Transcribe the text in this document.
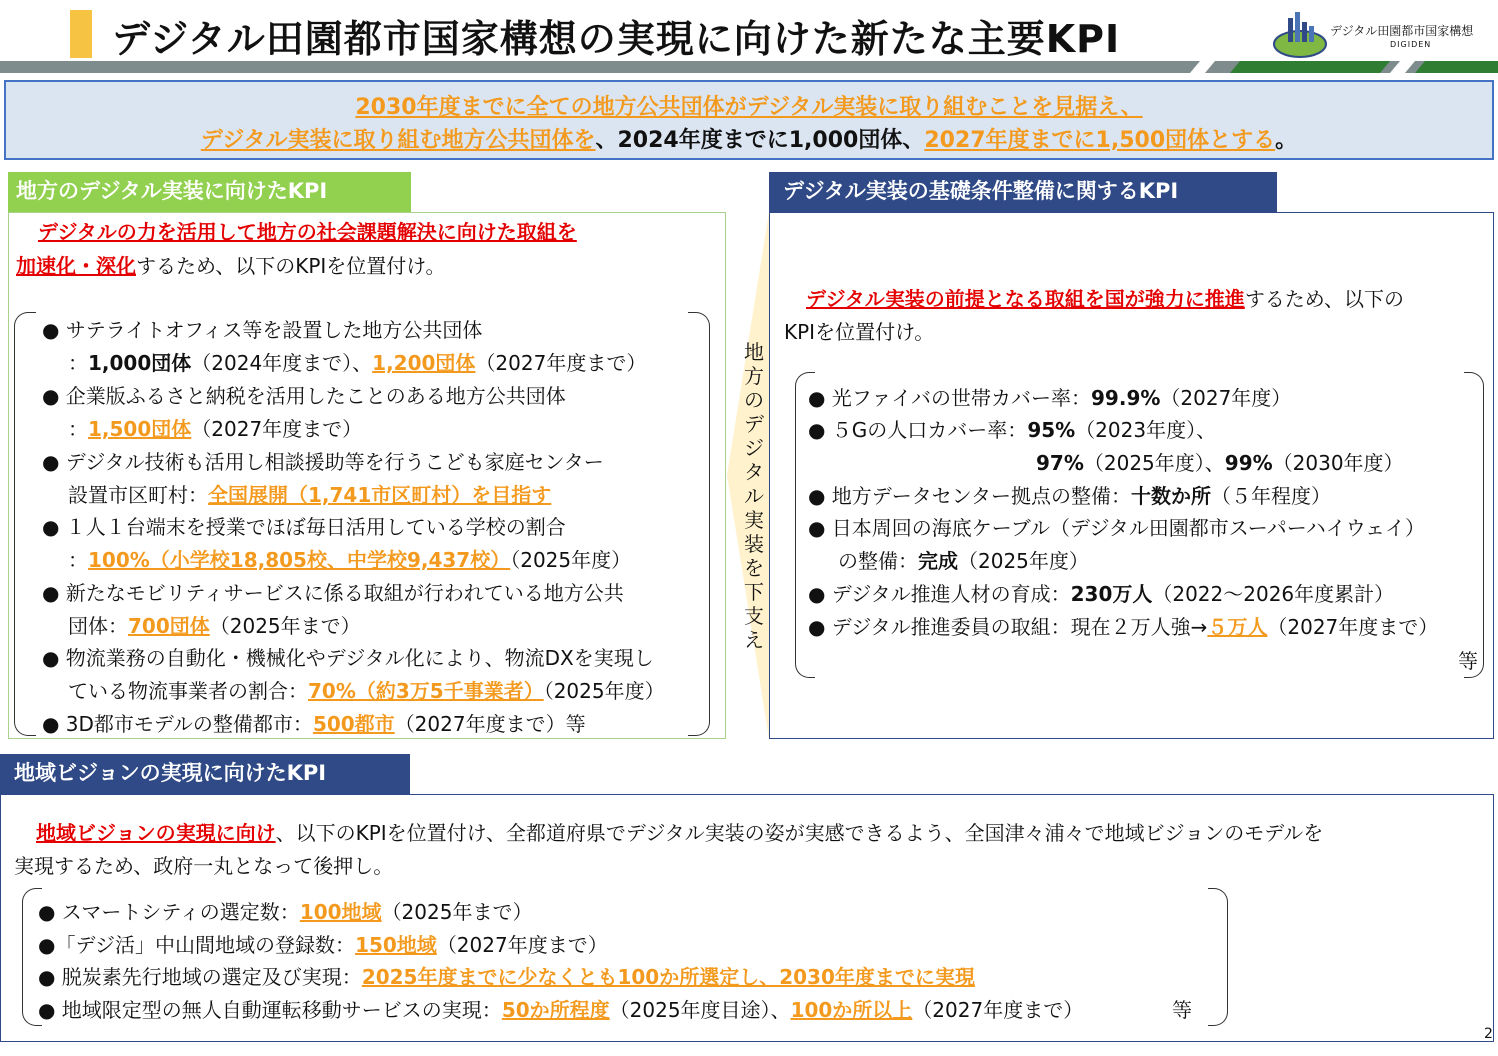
デジタル田園都市国家構想の実現に向けた新たな主要KPI	デジタル田園都市国家構想
DIGIDEN
2030年度までに全ての地方公共団体がデジタル実装に取り組むことを見据え、
デジタル実装に取り組む地方公共団体を、2024年度までに1,000団体、2027年度までに1,500団体とする。
地方のデジタル実装に向けたKPI
デジタルの力を活用して地方の社会課題解決に向けた取組を
加速化・深化するため、以下のKPIを位置付け。
● サテライトオフィス等を設置した地方公共団体
：1,000団体（2024年度まで）、1,200団体（2027年度まで）
● 企業版ふるさと納税を活用したことのある地方公共団体
：1,500団体（2027年度まで）
● デジタル技術も活用し相談援助等を行うこども家庭センター
設置市区町村：全国展開（1,741市区町村）を目指す
● １人１台端末を授業でほぼ毎日活用している学校の割合
：100%（小学校18,805校、中学校9,437校）（2025年度）
● 新たなモビリティサービスに係る取組が行われている地方公共
団体：700団体（2025年まで）
● 物流業務の自動化・機械化やデジタル化により、物流DXを実現し
ている物流事業者の割合：70%（約3万5千事業者）（2025年度）
● 3D都市モデルの整備都市：500都市（2027年度まで）等
地方のデジタル実装を下支え
デジタル実装の基礎条件整備に関するKPI
デジタル実装の前提となる取組を国が強力に推進するため、以下の
KPIを位置付け。
● 光ファイバの世帯カバー率：99.9%（2027年度）
● ５Gの人口カバー率：95%（2023年度）、
97%（2025年度）、99%（2030年度）
● 地方データセンター拠点の整備：十数か所（５年程度）
● 日本周回の海底ケーブル（デジタル田園都市スーパーハイウェイ）
の整備：完成（2025年度）
● デジタル推進人材の育成：230万人（2022～2026年度累計）
● デジタル推進委員の取組：現在２万人強→５万人（2027年度まで）
等
地域ビジョンの実現に向けたKPI
地域ビジョンの実現に向け、以下のKPIを位置付け、全都道府県でデジタル実装の姿が実感できるよう、全国津々浦々で地域ビジョンのモデルを
実現するため、政府一丸となって後押し。
● スマートシティの選定数：100地域（2025年まで）
●「デジ活」中山間地域の登録数：150地域（2027年度まで）
● 脱炭素先行地域の選定及び実現：2025年度までに少なくとも100か所選定し、2030年度までに実現
● 地域限定型の無人自動運転移動サービスの実現：50か所程度（2025年度目途）、100か所以上（2027年度まで）	等
2
